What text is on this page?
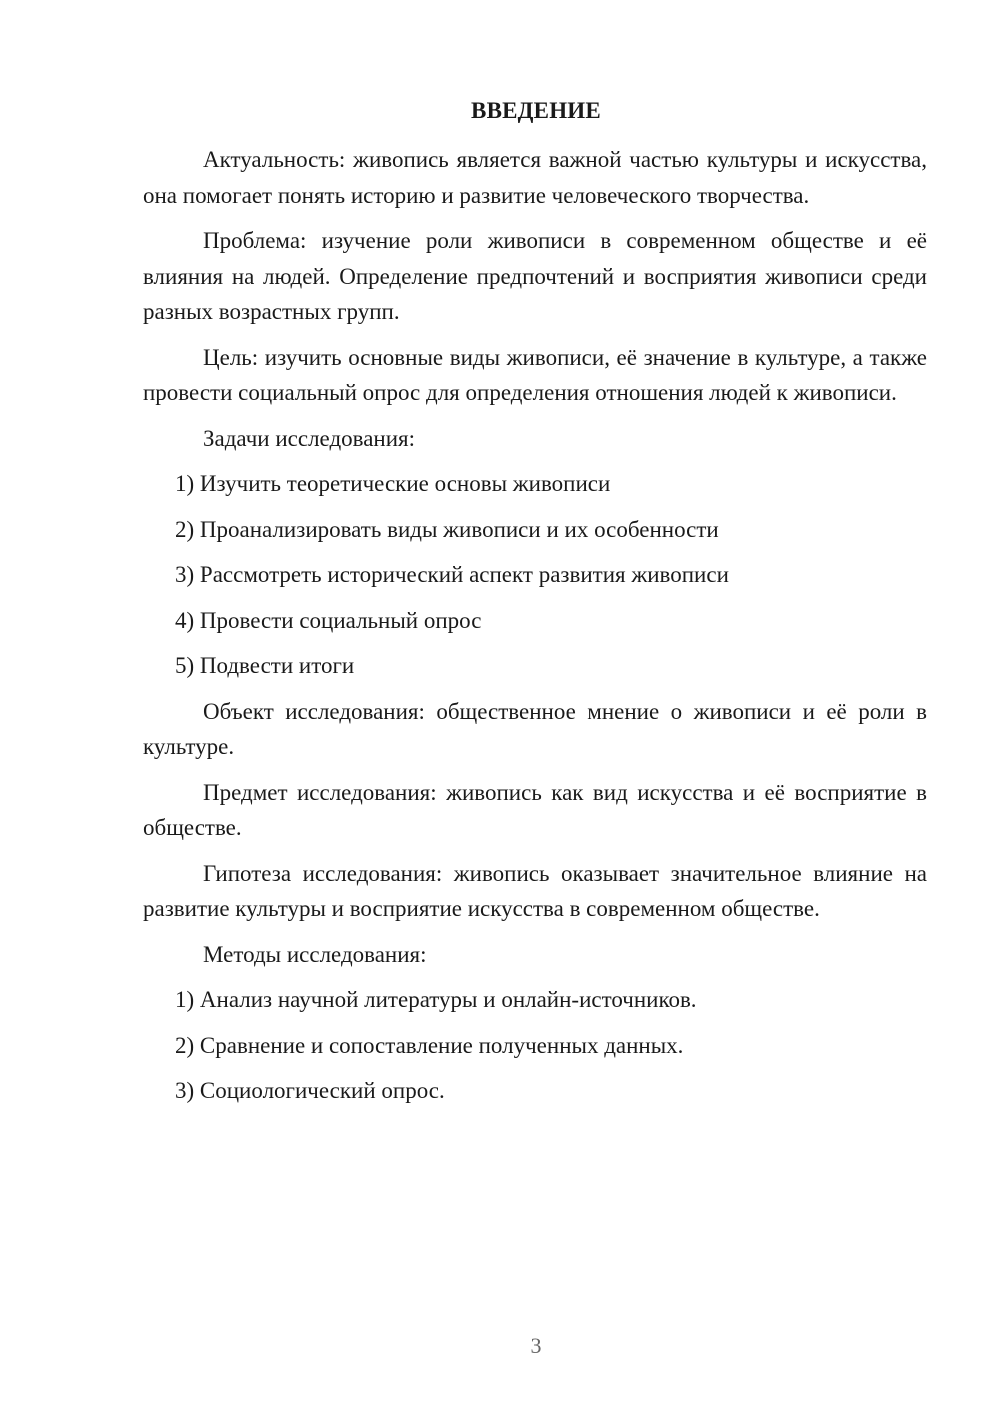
ВВЕДЕНИЕ

Актуальность: живопись является важной частью культуры и искусства, она помогает понять историю и развитие человеческого творчества.

Проблема: изучение роли живописи в современном обществе и её влияния на людей. Определение предпочтений и восприятия живописи среди разных возрастных групп.

Цель: изучить основные виды живописи, её значение в культуре, а также провести социальный опрос для определения отношения людей к живописи.

Задачи исследования:

1) Изучить теоретические основы живописи
2) Проанализировать виды живописи и их особенности
3) Рассмотреть исторический аспект развития живописи
4) Провести социальный опрос
5) Подвести итоги

Объект исследования: общественное мнение о живописи и её роли в культуре.

Предмет исследования: живопись как вид искусства и её восприятие в обществе.

Гипотеза исследования: живопись оказывает значительное влияние на развитие культуры и восприятие искусства в современном обществе.

Методы исследования:

1) Анализ научной литературы и онлайн-источников.
2) Сравнение и сопоставление полученных данных.
3) Социологический опрос.
3
